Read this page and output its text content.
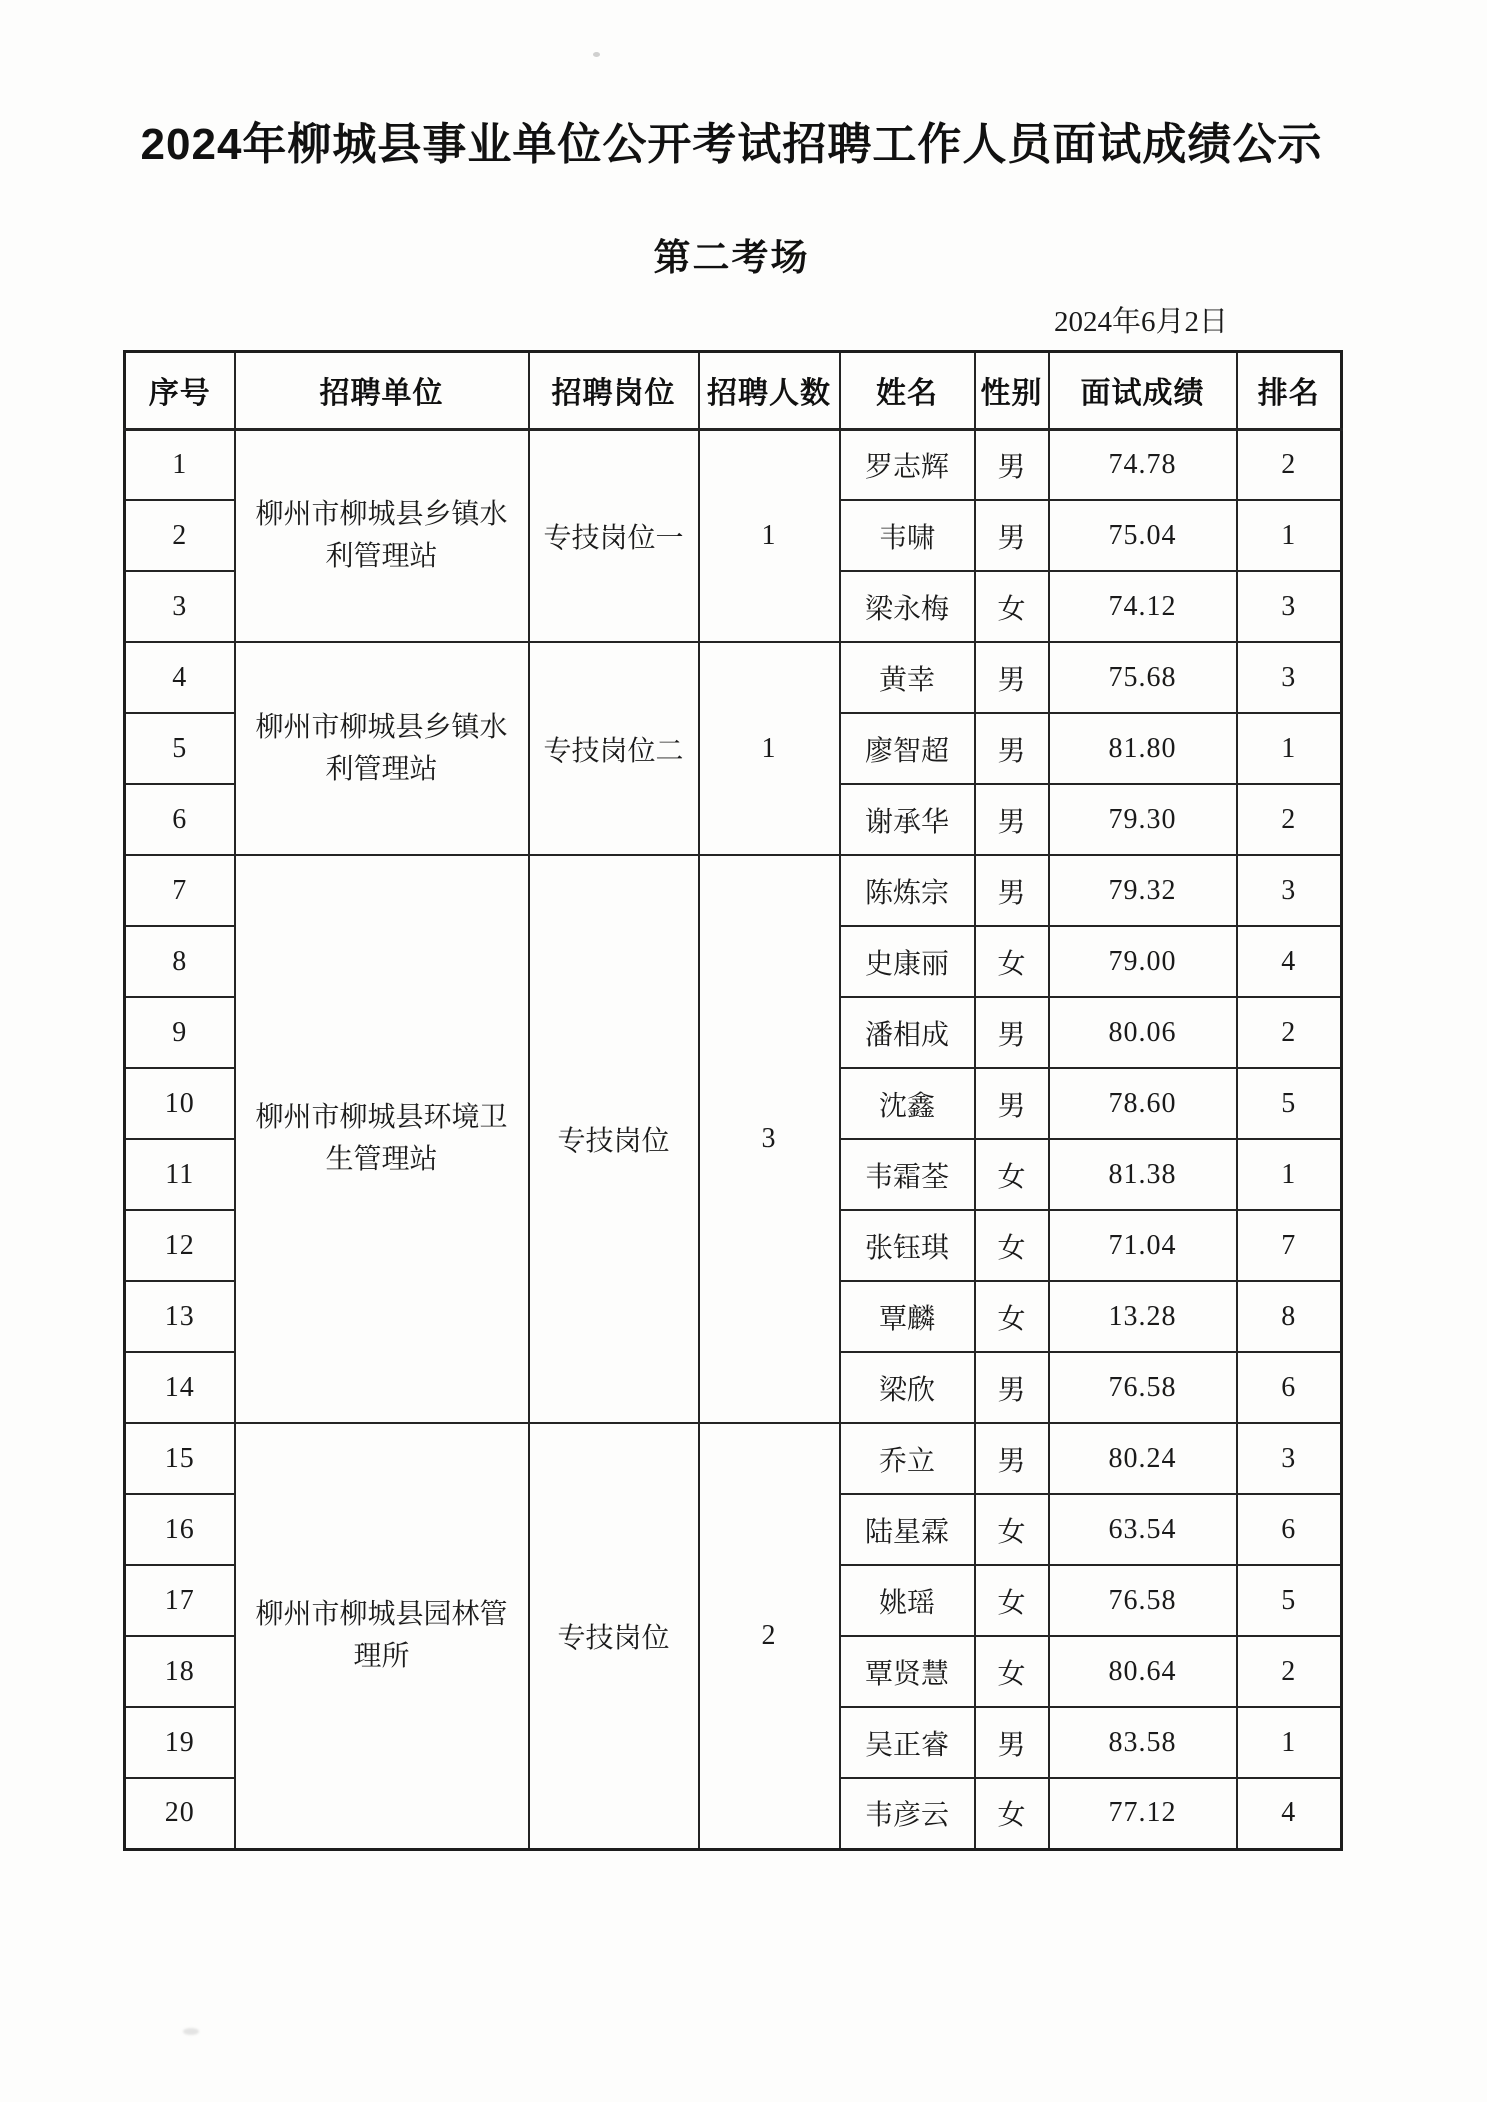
2024年柳城县事业单位公开考试招聘工作人员面试成绩公示
第二考场
2024年6月2日
序号	招聘单位	招聘岗位	招聘人数	姓名	性别	面试成绩	排名
1	柳州市柳城县乡镇水利管理站	专技岗位一	1	罗志辉	男	74.78	2
2				韦啸	男	75.04	1
3				梁永梅	女	74.12	3
4	柳州市柳城县乡镇水利管理站	专技岗位二	1	黄幸	男	75.68	3
5				廖智超	男	81.80	1
6				谢承华	男	79.30	2
7	柳州市柳城县环境卫生管理站	专技岗位	3	陈炼宗	男	79.32	3
8				史康丽	女	79.00	4
9				潘相成	男	80.06	2
10				沈鑫	男	78.60	5
11				韦霜荃	女	81.38	1
12				张钰琪	女	71.04	7
13				覃麟	女	13.28	8
14				梁欣	男	76.58	6
15	柳州市柳城县园林管理所	专技岗位	2	乔立	男	80.24	3
16				陆星霖	女	63.54	6
17				姚瑶	女	76.58	5
18				覃贤慧	女	80.64	2
19				吴正睿	男	83.58	1
20				韦彦云	女	77.12	4
